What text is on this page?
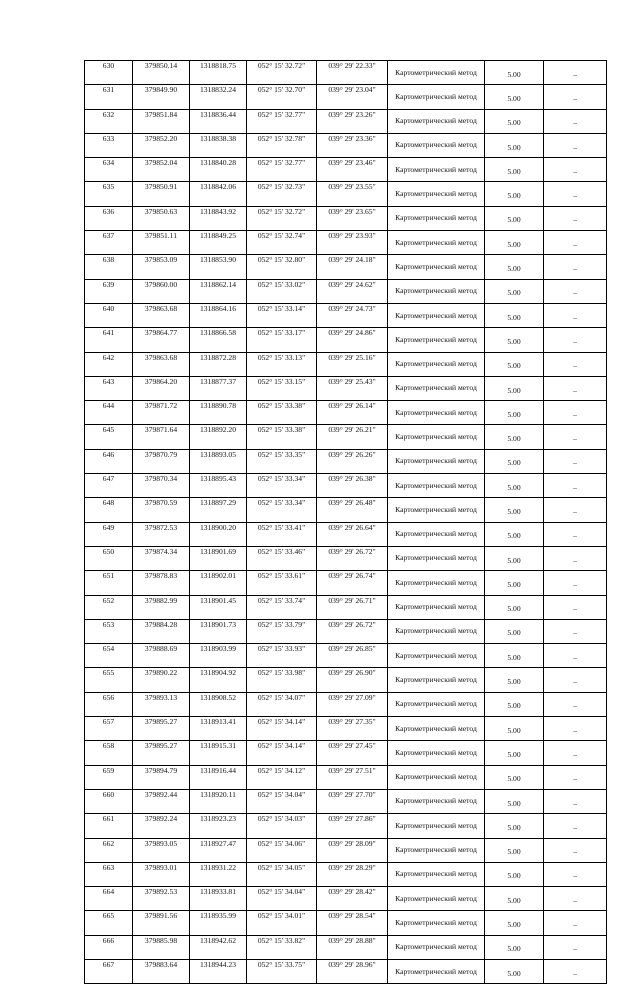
630	379850.14	1318818.75	052° 15' 32.72"	039° 29' 22.33"	Картометрический метод	5.00	–
631	379849.90	1318832.24	052° 15' 32.70"	039° 29' 23.04"	Картометрический метод	5.00	–
632	379851.84	1318836.44	052° 15' 32.77"	039° 29' 23.26"	Картометрический метод	5.00	–
633	379852.20	1318838.38	052° 15' 32.78"	039° 29' 23.36"	Картометрический метод	5.00	–
634	379852.04	1318840.28	052° 15' 32.77"	039° 29' 23.46"	Картометрический метод	5.00	–
635	379850.91	1318842.06	052° 15' 32.73"	039° 29' 23.55"	Картометрический метод	5.00	–
636	379850.63	1318843.92	052° 15' 32.72"	039° 29' 23.65"	Картометрический метод	5.00	–
637	379851.11	1318849.25	052° 15' 32.74"	039° 29' 23.93"	Картометрический метод	5.00	–
638	379853.09	1318853.90	052° 15' 32.80"	039° 29' 24.18"	Картометрический метод	5.00	–
639	379860.00	1318862.14	052° 15' 33.02"	039° 29' 24.62"	Картометрический метод	5.00	–
640	379863.68	1318864.16	052° 15' 33.14"	039° 29' 24.73"	Картометрический метод	5.00	–
641	379864.77	1318866.58	052° 15' 33.17"	039° 29' 24.86"	Картометрический метод	5.00	–
642	379863.68	1318872.28	052° 15' 33.13"	039° 29' 25.16"	Картометрический метод	5.00	–
643	379864.20	1318877.37	052° 15' 33.15"	039° 29' 25.43"	Картометрический метод	5.00	–
644	379871.72	1318890.78	052° 15' 33.38"	039° 29' 26.14"	Картометрический метод	5.00	–
645	379871.64	1318892.20	052° 15' 33.38"	039° 29' 26.21"	Картометрический метод	5.00	–
646	379870.79	1318893.05	052° 15' 33.35"	039° 29' 26.26"	Картометрический метод	5.00	–
647	379870.34	1318895.43	052° 15' 33.34"	039° 29' 26.38"	Картометрический метод	5.00	–
648	379870.59	1318897.29	052° 15' 33.34"	039° 29' 26.48"	Картометрический метод	5.00	–
649	379872.53	1318900.20	052° 15' 33.41"	039° 29' 26.64"	Картометрический метод	5.00	–
650	379874.34	1318901.69	052° 15' 33.46"	039° 29' 26.72"	Картометрический метод	5.00	–
651	379878.83	1318902.01	052° 15' 33.61"	039° 29' 26.74"	Картометрический метод	5.00	–
652	379882.99	1318901.45	052° 15' 33.74"	039° 29' 26.71"	Картометрический метод	5.00	–
653	379884.28	1318901.73	052° 15' 33.79"	039° 29' 26.72"	Картометрический метод	5.00	–
654	379888.69	1318903.99	052° 15' 33.93"	039° 29' 26.85"	Картометрический метод	5.00	–
655	379890.22	1318904.92	052° 15' 33.98"	039° 29' 26.90"	Картометрический метод	5.00	–
656	379893.13	1318908.52	052° 15' 34.07"	039° 29' 27.09"	Картометрический метод	5.00	–
657	379895.27	1318913.41	052° 15' 34.14"	039° 29' 27.35"	Картометрический метод	5.00	–
658	379895.27	1318915.31	052° 15' 34.14"	039° 29' 27.45"	Картометрический метод	5.00	–
659	379894.79	1318916.44	052° 15' 34.12"	039° 29' 27.51"	Картометрический метод	5.00	–
660	379892.44	1318920.11	052° 15' 34.04"	039° 29' 27.70"	Картометрический метод	5.00	–
661	379892.24	1318923.23	052° 15' 34.03"	039° 29' 27.86"	Картометрический метод	5.00	–
662	379893.05	1318927.47	052° 15' 34.06"	039° 29' 28.09"	Картометрический метод	5.00	–
663	379893.01	1318931.22	052° 15' 34.05"	039° 29' 28.29"	Картометрический метод	5.00	–
664	379892.53	1318933.81	052° 15' 34.04"	039° 29' 28.42"	Картометрический метод	5.00	–
665	379891.56	1318935.99	052° 15' 34.01"	039° 29' 28.54"	Картометрический метод	5.00	–
666	379885.98	1318942.62	052° 15' 33.82"	039° 29' 28.88"	Картометрический метод	5.00	–
667	379883.64	1318944.23	052° 15' 33.75"	039° 29' 28.96"	Картометрический метод	5.00	–
